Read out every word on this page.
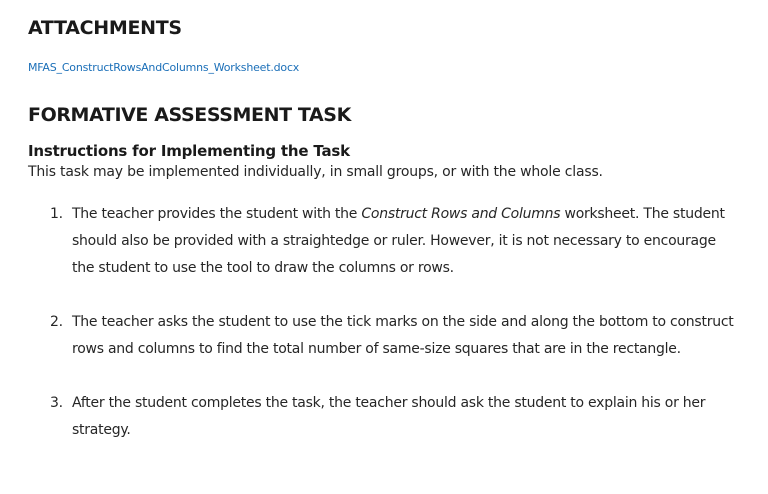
ATTACHMENTS
MFAS_ConstructRowsAndColumns_Worksheet.docx
FORMATIVE ASSESSMENT TASK
Instructions for Implementing the Task

This task may be implemented individually, in small groups, or with the whole class.

1. The teacher provides the student with the Construct Rows and Columns worksheet. The student should also be provided with a straightedge or ruler. However, it is not necessary to encourage the student to use the tool to draw the columns or rows.
2. The teacher asks the student to use the tick marks on the side and along the bottom to construct rows and columns to find the total number of same-size squares that are in the rectangle.
3. After the student completes the task, the teacher should ask the student to explain his or her strategy.
